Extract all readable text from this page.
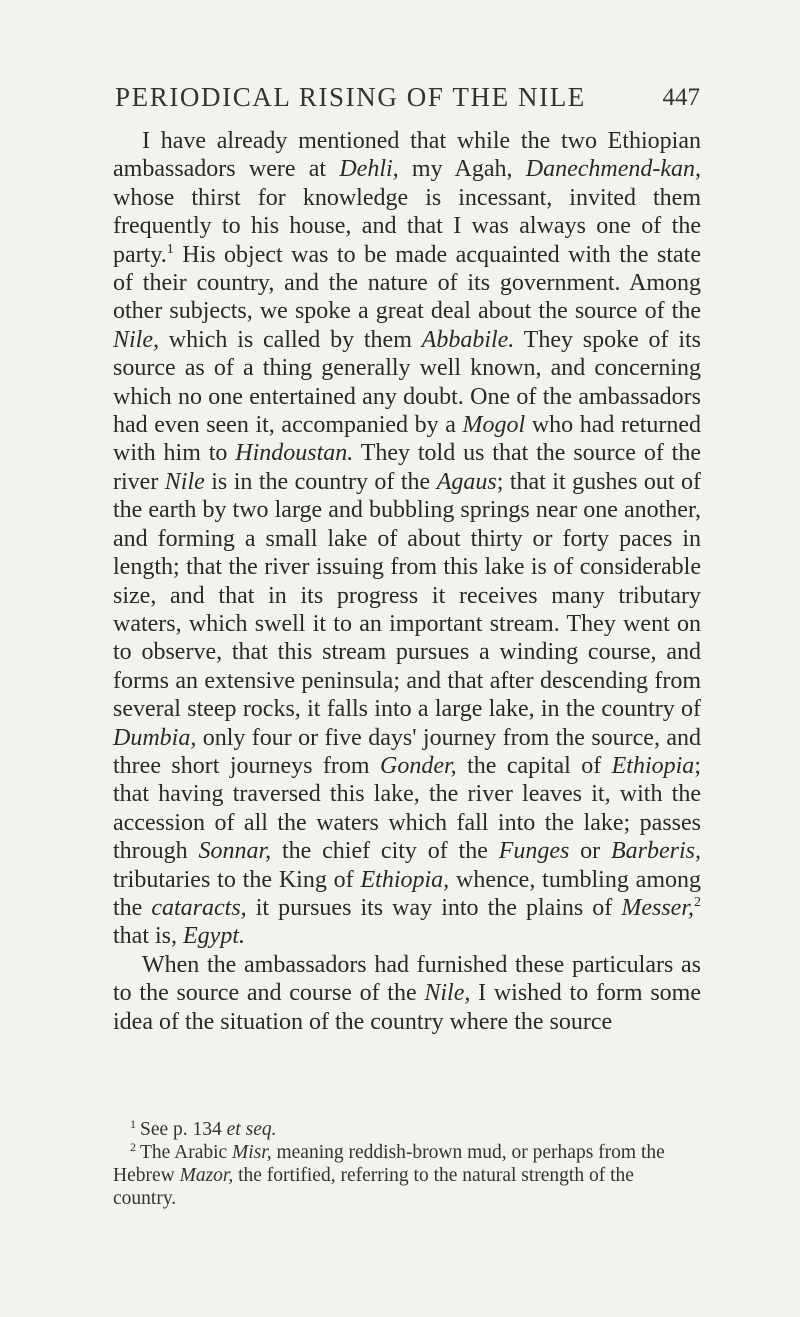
PERIODICAL RISING OF THE NILE	447

I have already mentioned that while the two Ethiopian ambassadors were at Dehli, my Agah, Danechmend-kan, whose thirst for knowledge is incessant, invited them frequently to his house, and that I was always one of the party.$^1$ His object was to be made acquainted with the state of their country, and the nature of its government. Among other subjects, we spoke a great deal about the source of the Nile, which is called by them Abbabile. They spoke of its source as of a thing generally well known, and concerning which no one entertained any doubt. One of the ambassadors had even seen it, accompanied by a Mogol who had returned with him to Hindoustan. They told us that the source of the river Nile is in the country of the Agaus; that it gushes out of the earth by two large and bubbling springs near one another, and forming a small lake of about thirty or forty paces in length; that the river issuing from this lake is of considerable size, and that in its progress it receives many tributary waters, which swell it to an important stream. They went on to observe, that this stream pursues a winding course, and forms an extensive peninsula; and that after descending from several steep rocks, it falls into a large lake, in the country of Dumbia, only four or five days' journey from the source, and three short journeys from Gonder, the capital of Ethiopia; that having traversed this lake, the river leaves it, with the accession of all the waters which fall into the lake; passes through Sonnar, the chief city of the Funges or Barberis, tributaries to the King of Ethiopia, whence, tumbling among the cataracts, it pursues its way into the plains of Messer,$^2$ that is, Egypt.

When the ambassadors had furnished these particulars as to the source and course of the Nile, I wished to form some idea of the situation of the country where the source

$^1$ See p. 134 et seq.

$^2$ The Arabic Misr, meaning reddish-brown mud, or perhaps from the Hebrew Mazor, the fortified, referring to the natural strength of the country.
